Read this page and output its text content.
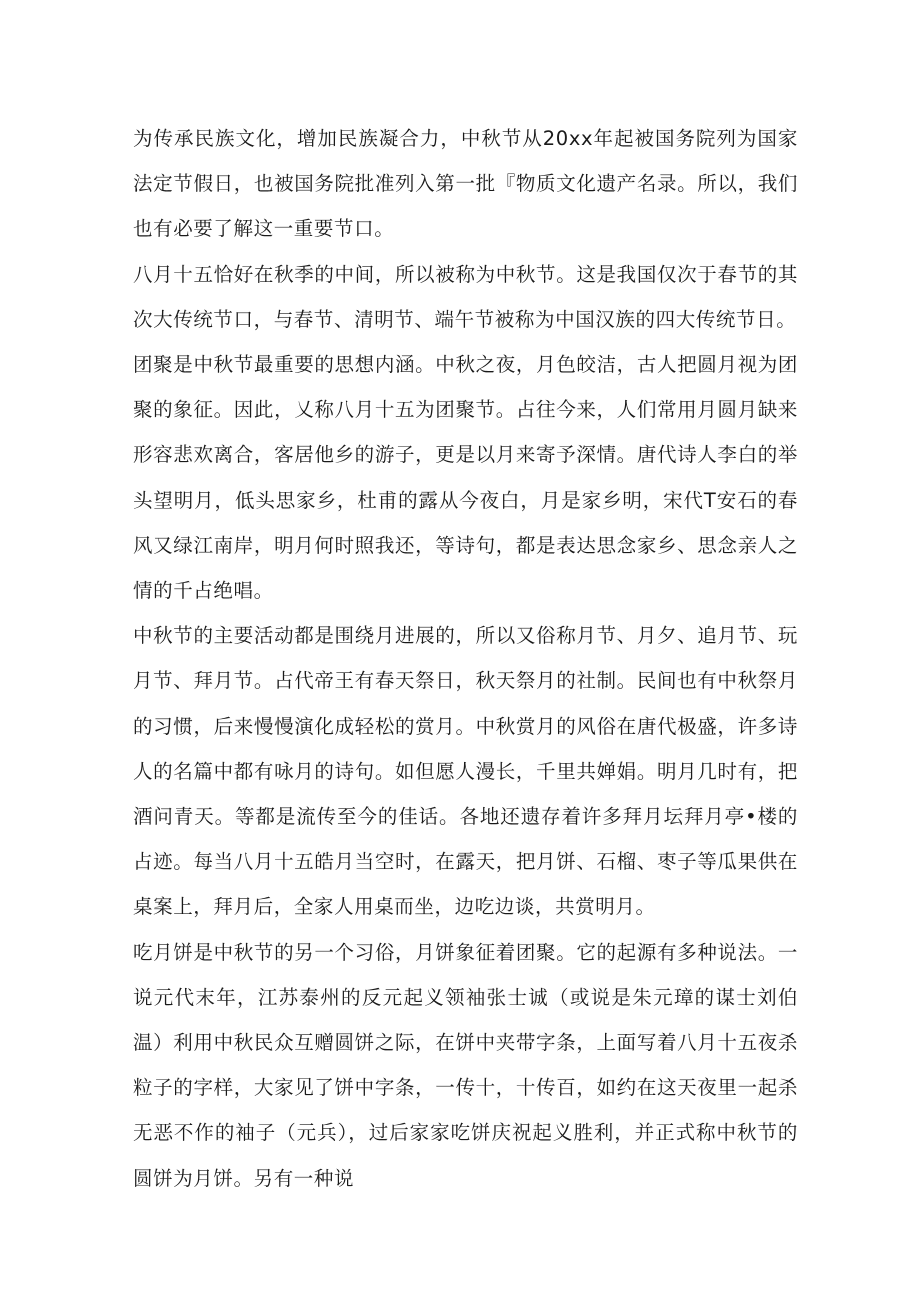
为传承民族文化，增加民族凝合力，中秋节从20xx年起被国务院列为国家法定节假日，也被国务院批准列入第一批『物质文化遗产名录。所以，我们也有必要了解这一重要节口。

八月十五恰好在秋季的中间，所以被称为中秋节。这是我国仅次于春节的其次大传统节口，与春节、清明节、端午节被称为中国汉族的四大传统节日。

团聚是中秋节最重要的思想内涵。中秋之夜，月色皎洁，古人把圆月视为团聚的象征。因此，乂称八月十五为团聚节。占往今来，人们常用月圆月缺来形容悲欢离合，客居他乡的游子，更是以月来寄予深情。唐代诗人李白的举头望明月，低头思家乡，杜甫的露从今夜白，月是家乡明，宋代T安石的春风又绿江南岸，明月何时照我还，等诗句，都是表达思念家乡、思念亲人之情的千占绝唱。

中秋节的主要活动都是围绕月进展的，所以又俗称月节、月夕、追月节、玩月节、拜月节。占代帝王有春天祭日，秋天祭月的社制。民间也有中秋祭月的习惯，后来慢慢演化成轻松的赏月。中秋赏月的风俗在唐代极盛，许多诗人的名篇中都有咏月的诗句。如但愿人漫长，千里共婵娟。明月几时有，把酒问青天。等都是流传至今的佳话。各地还遗存着许多拜月坛拜月亭•楼的占迹。每当八月十五皓月当空时，在露天，把月饼、石榴、枣子等瓜果供在桌案上，拜月后，全家人用桌而坐，边吃边谈，共赏明月。

吃月饼是中秋节的另一个习俗，月饼象征着团聚。它的起源有多种说法。一说元代末年，江苏泰州的反元起义领袖张士诚（或说是朱元璋的谋士刘伯温）利用中秋民众互赠圆饼之际，在饼中夹带字条，上面写着八月十五夜杀粒子的字样，大家见了饼中字条，一传十，十传百，如约在这天夜里一起杀无恶不作的袖子（元兵），过后家家吃饼庆祝起义胜利，并正式称中秋节的圆饼为月饼。另有一种说
